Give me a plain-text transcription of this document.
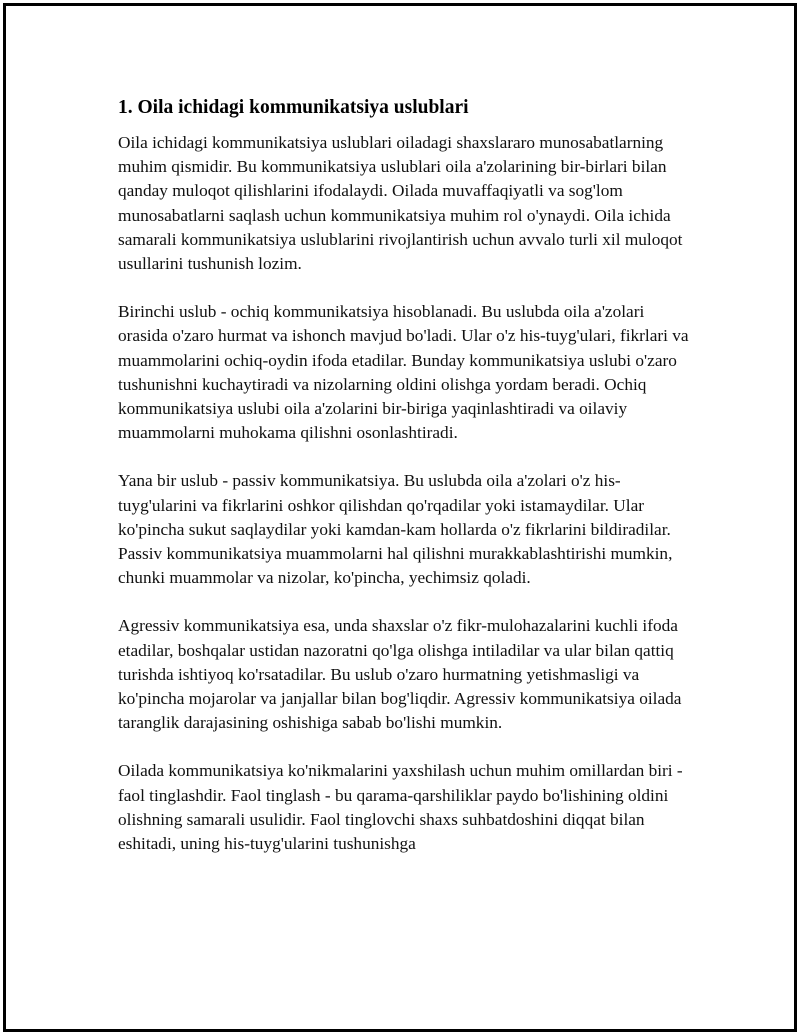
1. Oila ichidagi kommunikatsiya uslublari

Oila ichidagi kommunikatsiya uslublari oiladagi shaxslararo munosabatlarning muhim qismidir. Bu kommunikatsiya uslublari oila a'zolarining bir-birlari bilan qanday muloqot qilishlarini ifodalaydi. Oilada muvaffaqiyatli va sog'lom munosabatlarni saqlash uchun kommunikatsiya muhim rol o'ynaydi. Oila ichida samarali kommunikatsiya uslublarini rivojlantirish uchun avvalo turli xil muloqot usullarini tushunish lozim.

Birinchi uslub - ochiq kommunikatsiya hisoblanadi. Bu uslubda oila a'zolari orasida o'zaro hurmat va ishonch mavjud bo'ladi. Ular o'z his-tuyg'ulari, fikrlari va muammolarini ochiq-oydin ifoda etadilar. Bunday kommunikatsiya uslubi o'zaro tushunishni kuchaytiradi va nizolarning oldini olishga yordam beradi. Ochiq kommunikatsiya uslubi oila a'zolarini bir-biriga yaqinlashtiradi va oilaviy muammolarni muhokama qilishni osonlashtiradi.

Yana bir uslub - passiv kommunikatsiya. Bu uslubda oila a'zolari o'z his-tuyg'ularini va fikrlarini oshkor qilishdan qo'rqadilar yoki istamaydilar. Ular ko'pincha sukut saqlaydilar yoki kamdan-kam hollarda o'z fikrlarini bildiradilar. Passiv kommunikatsiya muammolarni hal qilishni murakkablashtirishi mumkin, chunki muammolar va nizolar, ko'pincha, yechimsiz qoladi.

Agressiv kommunikatsiya esa, unda shaxslar o'z fikr-mulohazalarini kuchli ifoda etadilar, boshqalar ustidan nazoratni qo'lga olishga intiladilar va ular bilan qattiq turishda ishtiyoq ko'rsatadilar. Bu uslub o'zaro hurmatning yetishmasligi va ko'pincha mojarolar va janjallar bilan bog'liqdir. Agressiv kommunikatsiya oilada taranglik darajasining oshishiga sabab bo'lishi mumkin.

Oilada kommunikatsiya ko'nikmalarini yaxshilash uchun muhim omillardan biri - faol tinglashdir. Faol tinglash - bu qarama-qarshiliklar paydo bo'lishining oldini olishning samarali usulidir. Faol tinglovchi shaxs suhbatdoshini diqqat bilan eshitadi, uning his-tuyg'ularini tushunishga
